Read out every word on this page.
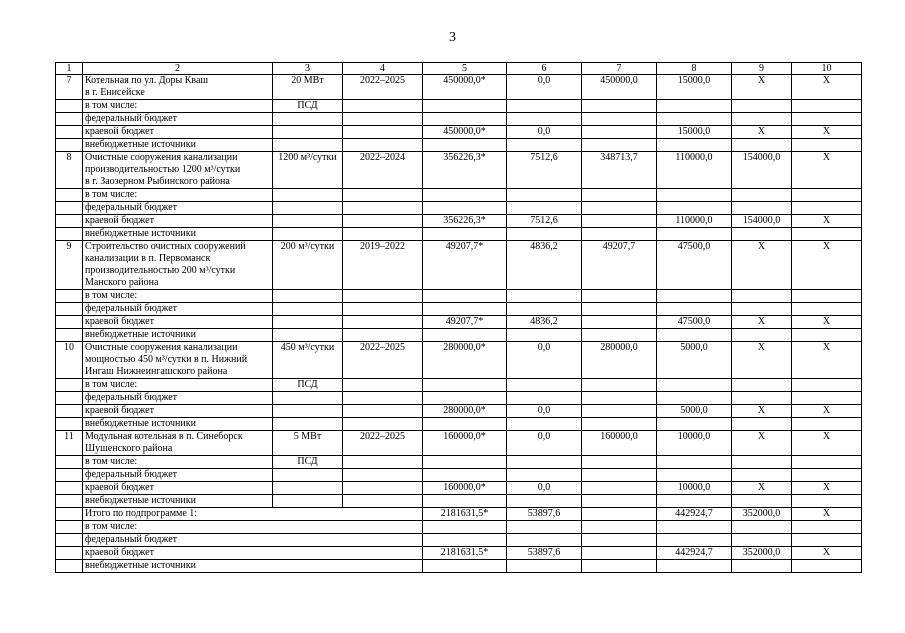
3
1	2	3	4	5	6	7	8	9	10
7	Котельная по ул. Доры Кваш
в г. Енисейске	20 МВт	2022–2025	450000,0*	0,0	450000,0	15000,0	Х	Х
	в том числе:	ПСД							
	федеральный бюджет								
	краевой бюджет			450000,0*	0,0		15000,0	Х	Х
	внебюджетные источники								
8	Очистные сооружения канализации
производительностью 1200 м³/сутки
в г. Заозерном Рыбинского района	1200 м³/сутки	2022–2024	356226,3*	7512,6	348713,7	110000,0	154000,0	Х
	в том числе:								
	федеральный бюджет								
	краевой бюджет			356226,3*	7512,6		110000,0	154000,0	Х
	внебюджетные источники								
9	Строительство очистных сооружений
канализации в п. Первоманск
производительностью 200 м³/сутки
Манского района	200 м³/сутки	2019–2022	49207,7*	4836,2	49207,7	47500,0	Х	Х
	в том числе:								
	федеральный бюджет								
	краевой бюджет			49207,7*	4836,2		47500,0	Х	Х
	внебюджетные источники								
10	Очистные сооружения канализации
мощностью 450 м³/сутки в п. Нижний
Ингаш Нижнеингашского района	450 м³/сутки	2022–2025	280000,0*	0,0	280000,0	5000,0	Х	Х
	в том числе:	ПСД							
	федеральный бюджет								
	краевой бюджет			280000,0*	0,0		5000,0	Х	Х
	внебюджетные источники								
11	Модульная котельная в п. Синеборск
Шушенского района	5 МВт	2022–2025	160000,0*	0,0	160000,0	10000,0	Х	Х
	в том числе:	ПСД							
	федеральный бюджет								
	краевой бюджет			160000,0*	0,0		10000,0	Х	Х
	внебюджетные источники								
	Итого по подпрограмме 1:			2181631,5*	53897,6		442924,7	352000,0	Х
	в том числе:								
	федеральный бюджет								
	краевой бюджет			2181631,5*	53897,6		442924,7	352000,0	Х
	внебюджетные источники								
